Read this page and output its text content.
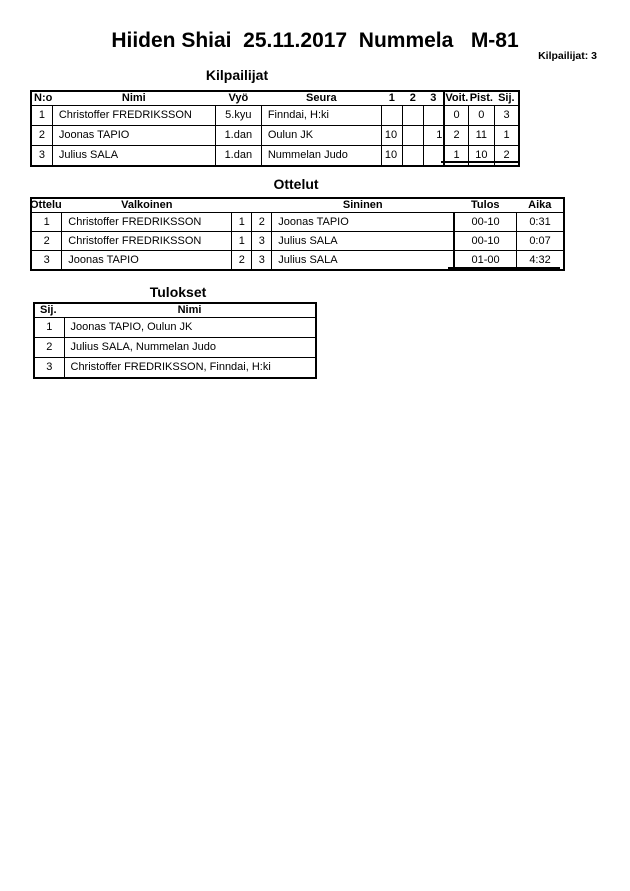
Hiiden Shiai  25.11.2017  Nummela   M-81
Kilpailijat: 3
Kilpailijat
N:o	Nimi	Vyö	Seura	1	2	3	Voit.	Pist.	Sij.
1	Christoffer FREDRIKSSON	5.kyu	Finndai, H:ki				0	0	3
2	Joonas TAPIO	1.dan	Oulun JK	10		1	2	11	1
3	Julius SALA	1.dan	Nummelan Judo	10			1	10	2
Ottelut
Ottelu	Valkoinen			Sininen	Tulos	Aika
1	Christoffer FREDRIKSSON	1	2	Joonas TAPIO	00-10	0:31
2	Christoffer FREDRIKSSON	1	3	Julius SALA	00-10	0:07
3	Joonas TAPIO	2	3	Julius SALA	01-00	4:32
Tulokset
Sij.	Nimi
1	Joonas TAPIO, Oulun JK
2	Julius SALA, Nummelan Judo
3	Christoffer FREDRIKSSON, Finndai, H:ki
